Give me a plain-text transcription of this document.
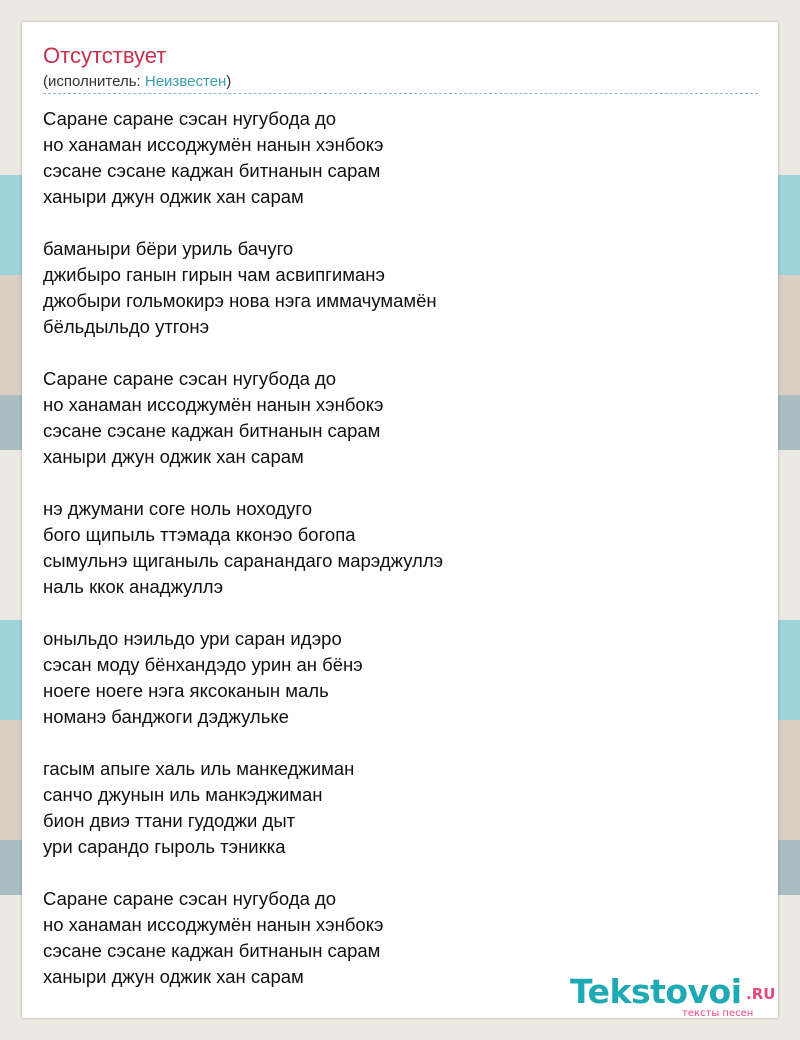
Отсутствует
(исполнитель: Неизвестен)
Саране саране сэсан нугубода до
но ханаман иссоджумён нанын хэнбокэ
сэсане сэсане каджан битнанын сарам
ханыри джун оджик хан сарам
баманыри бёри уриль бачуго
джибыро ганын гирын чам асвипгиманэ
джобыри гольмокирэ нова нэга иммачумамён
бёльдыльдо утгонэ
Саране саране сэсан нугубода до
но ханаман иссоджумён нанын хэнбокэ
сэсане сэсане каджан битнанын сарам
ханыри джун оджик хан сарам
нэ джумани соге ноль ноходуго
бого щипыль ттэмада кконэо богопа
сымульнэ щиганыль саранандаго марэджуллэ
наль ккок анаджуллэ
оныльдо нэильдо ури саран идэро
сэсан моду бёнхандэдо урин ан бёнэ
ноеге ноеге нэга яксоканын маль
номанэ банджоги дэджульке
гасым апыге халь иль манкеджиман
санчо джунын иль манкэджиман
бион двиэ ттани гудоджи дыт
ури сарандо гыроль тэникка
Саране саране сэсан нугубода до
но ханаман иссоджумён нанын хэнбокэ
сэсане сэсане каджан битнанын сарам
ханыри джун оджик хан сарам	Tekstovoi .RU
тексты песен
